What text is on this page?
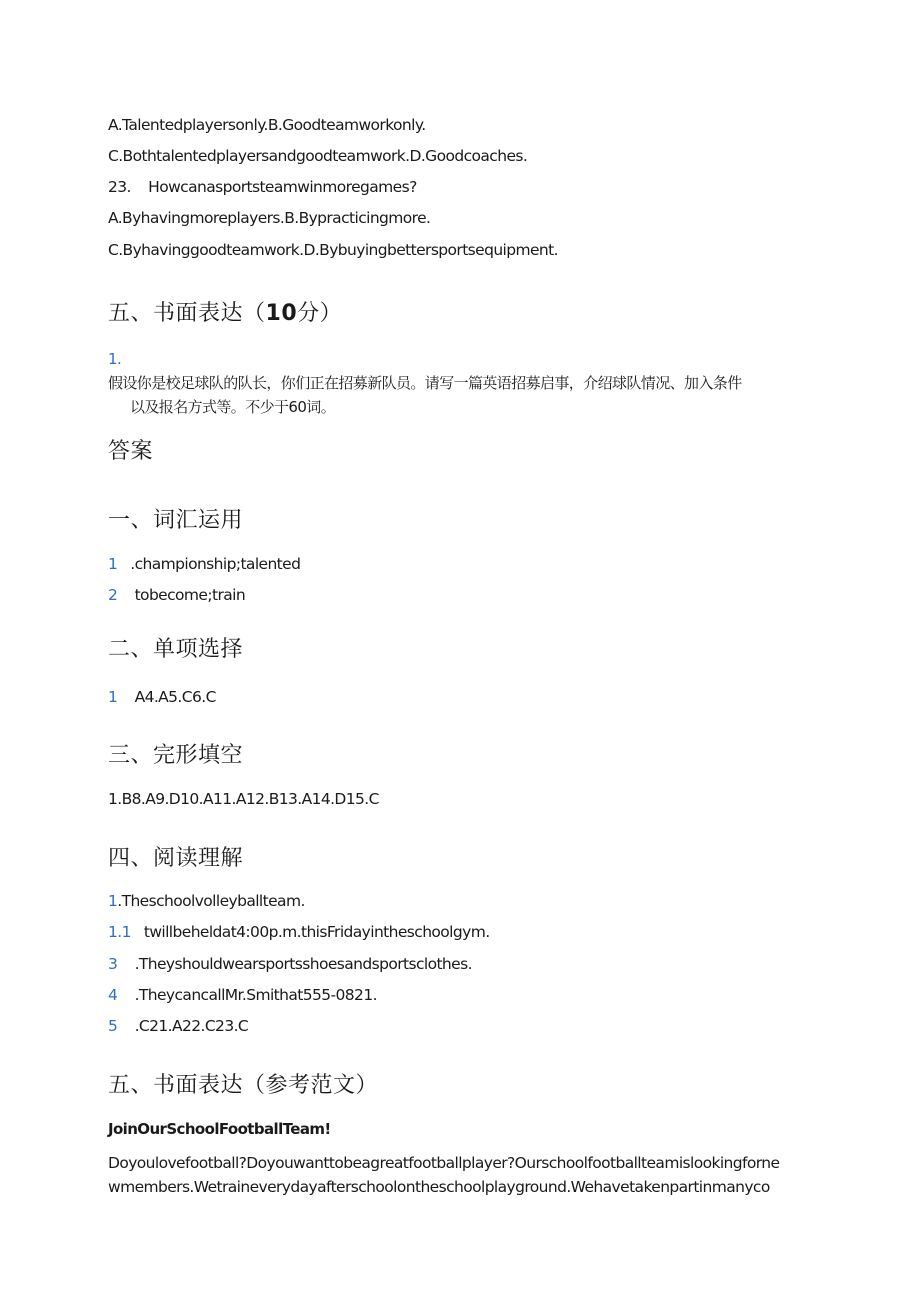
A.Talentedplayersonly.B.Goodteamworkonly.
C.Bothtalentedplayersandgoodteamwork.D.Goodcoaches.
23. Howcanasportsteamwinmoregames?
A.Byhavingmoreplayers.B.Bypracticingmore.
C.Byhavinggoodteamwork.D.Bybuyingbettersportsequipment.
五、书面表达（10分）
1.
假设你是校足球队的队长，你们正在招募新队员。请写一篇英语招募启事，介绍球队情况、加入条件
以及报名方式等。不少于60词。
答案
一、词汇运用
1 .championship;talented
2 tobecome;train
二、单项选择
1 A4.A5.C6.C
三、完形填空
1.B8.A9.D10.A11.A12.B13.A14.D15.C
四、阅读理解
1.Theschoolvolleyballteam.
1.1 twillbeheldat4:00p.m.thisFridayintheschoolgym.
3 .Theyshouldwearsportsshoesandsportsclothes.
4 .TheycancallMr.Smithat555-0821.
5 .C21.A22.C23.C
五、书面表达（参考范文）
JoinOurSchoolFootballTeam!
Doyoulovefootball?Doyouwanttobeagreatfootballplayer?Ourschoolfootballteamislookingforne
wmembers.Wetraineverydayafterschoolontheschoolplayground.Wehavetakenpartinmanyco
